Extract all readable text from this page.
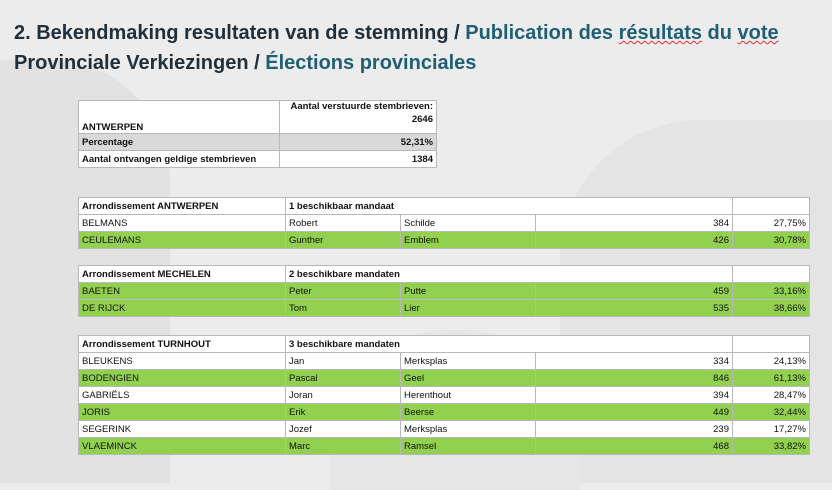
2. Bekendmaking resultaten van de stemming / Publication des résultats du vote
Provinciale Verkiezingen / Élections provinciales
ANTWERPEN	Aantal verstuurde stembrieven:
2646

Percentage	52,31%
Aantal ontvangen geldige stembrieven	1384
Arrondissement ANTWERPEN	1 beschikbaar mandaat			
BELMANS	Robert	Schilde	384	27,75%
CEULEMANS	Gunther	Emblem	426	30,78%
Arrondissement MECHELEN	2 beschikbare mandaten			
BAETEN	Peter	Putte	459	33,16%
DE RIJCK	Tom	Lier	535	38,66%
Arrondissement TURNHOUT	3 beschikbare mandaten			
BLEUKENS	Jan	Merksplas	334	24,13%
BODENGIEN	Pascal	Geel	846	61,13%
GABRIËLS	Joran	Herenthout	394	28,47%
JORIS	Erik	Beerse	449	32,44%
SEGERINK	Jozef	Merksplas	239	17,27%
VLAEMINCK	Marc	Ramsel	468	33,82%
